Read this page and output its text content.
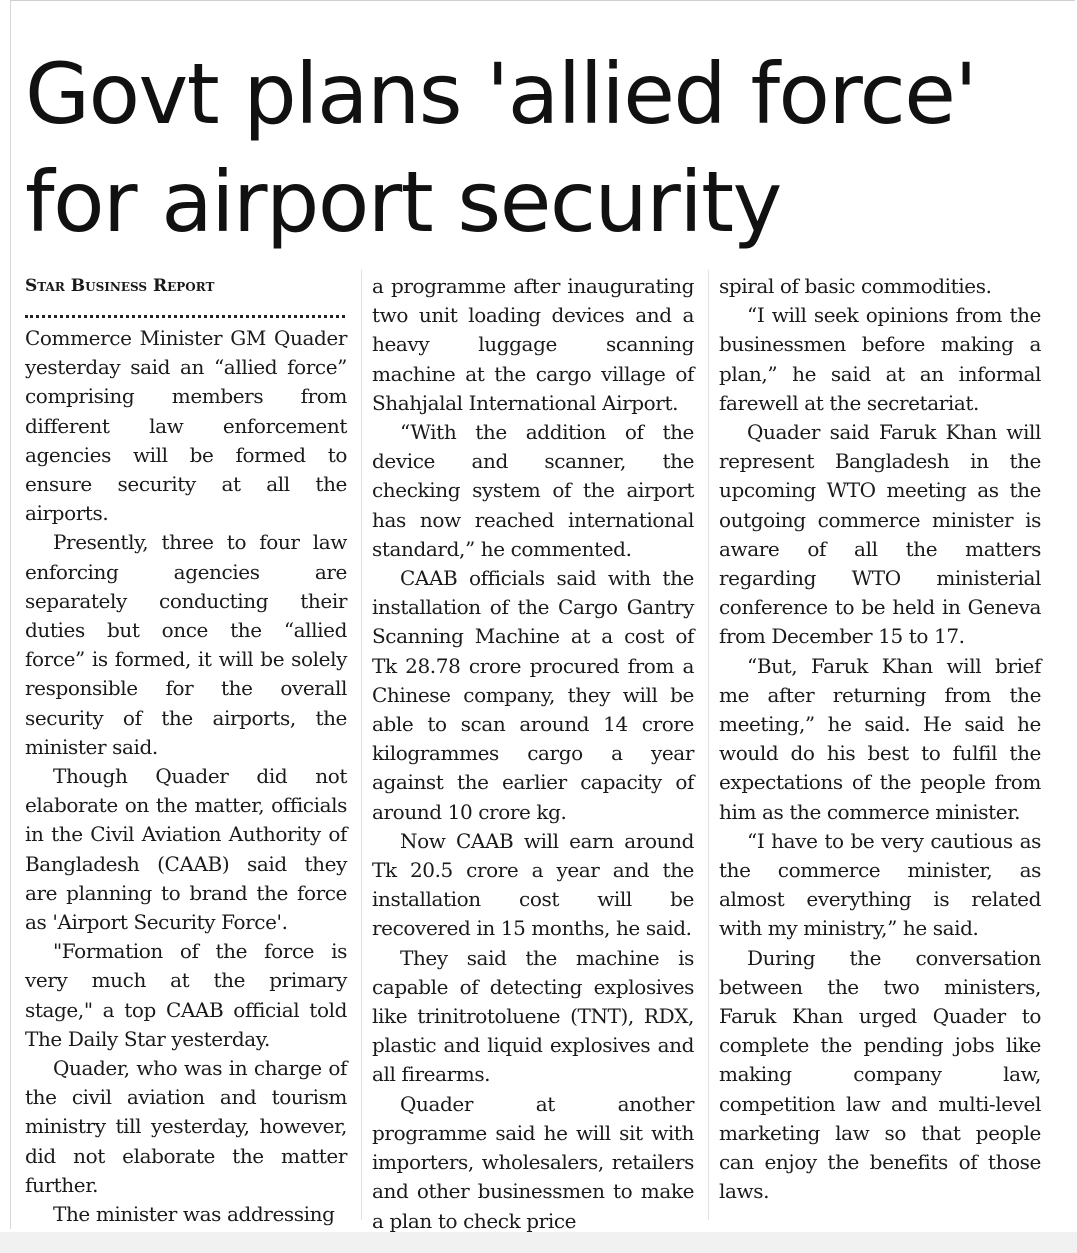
Govt plans 'allied force'
for airport security
Star Business Report

Commerce Minister GM Quader yesterday said an “allied force” comprising members from different law enforcement agencies will be formed to ensure security at all the airports.

Presently, three to four law enforcing agencies are separately conducting their duties but once the “allied force” is formed, it will be solely responsible for the overall security of the airports, the minister said.

Though Quader did not elaborate on the matter, officials in the Civil Aviation Authority of Bangladesh (CAAB) said they are planning to brand the force as 'Airport Security Force'.

"Formation of the force is very much at the primary stage," a top CAAB official told The Daily Star yesterday.

Quader, who was in charge of the civil aviation and tourism ministry till yesterday, however, did not elaborate the matter further.

The minister was addressing

a programme after inaugurating two unit loading devices and a heavy luggage scanning machine at the cargo village of Shahjalal International Airport.

“With the addition of the device and scanner, the checking system of the airport has now reached international standard,” he commented.

CAAB officials said with the installation of the Cargo Gantry Scanning Machine at a cost of Tk 28.78 crore procured from a Chinese company, they will be able to scan around 14 crore kilogrammes cargo a year against the earlier capacity of around 10 crore kg.

Now CAAB will earn around Tk 20.5 crore a year and the installation cost will be recovered in 15 months, he said.

They said the machine is capable of detecting explosives like trinitrotoluene (TNT), RDX, plastic and liquid explosives and all firearms.

Quader at another programme said he will sit with importers, wholesalers, retailers and other businessmen to make a plan to check price

spiral of basic commodities.

“I will seek opinions from the businessmen before making a plan,” he said at an informal farewell at the secretariat.

Quader said Faruk Khan will represent Bangladesh in the upcoming WTO meeting as the outgoing commerce minister is aware of all the matters regarding WTO ministerial conference to be held in Geneva from December 15 to 17.

“But, Faruk Khan will brief me after returning from the meeting,” he said. He said he would do his best to fulfil the expectations of the people from him as the commerce minister.

“I have to be very cautious as the commerce minister, as almost everything is related with my ministry,” he said.

During the conversation between the two ministers, Faruk Khan urged Quader to complete the pending jobs like making company law, competition law and multi-level marketing law so that people can enjoy the benefits of those laws.
